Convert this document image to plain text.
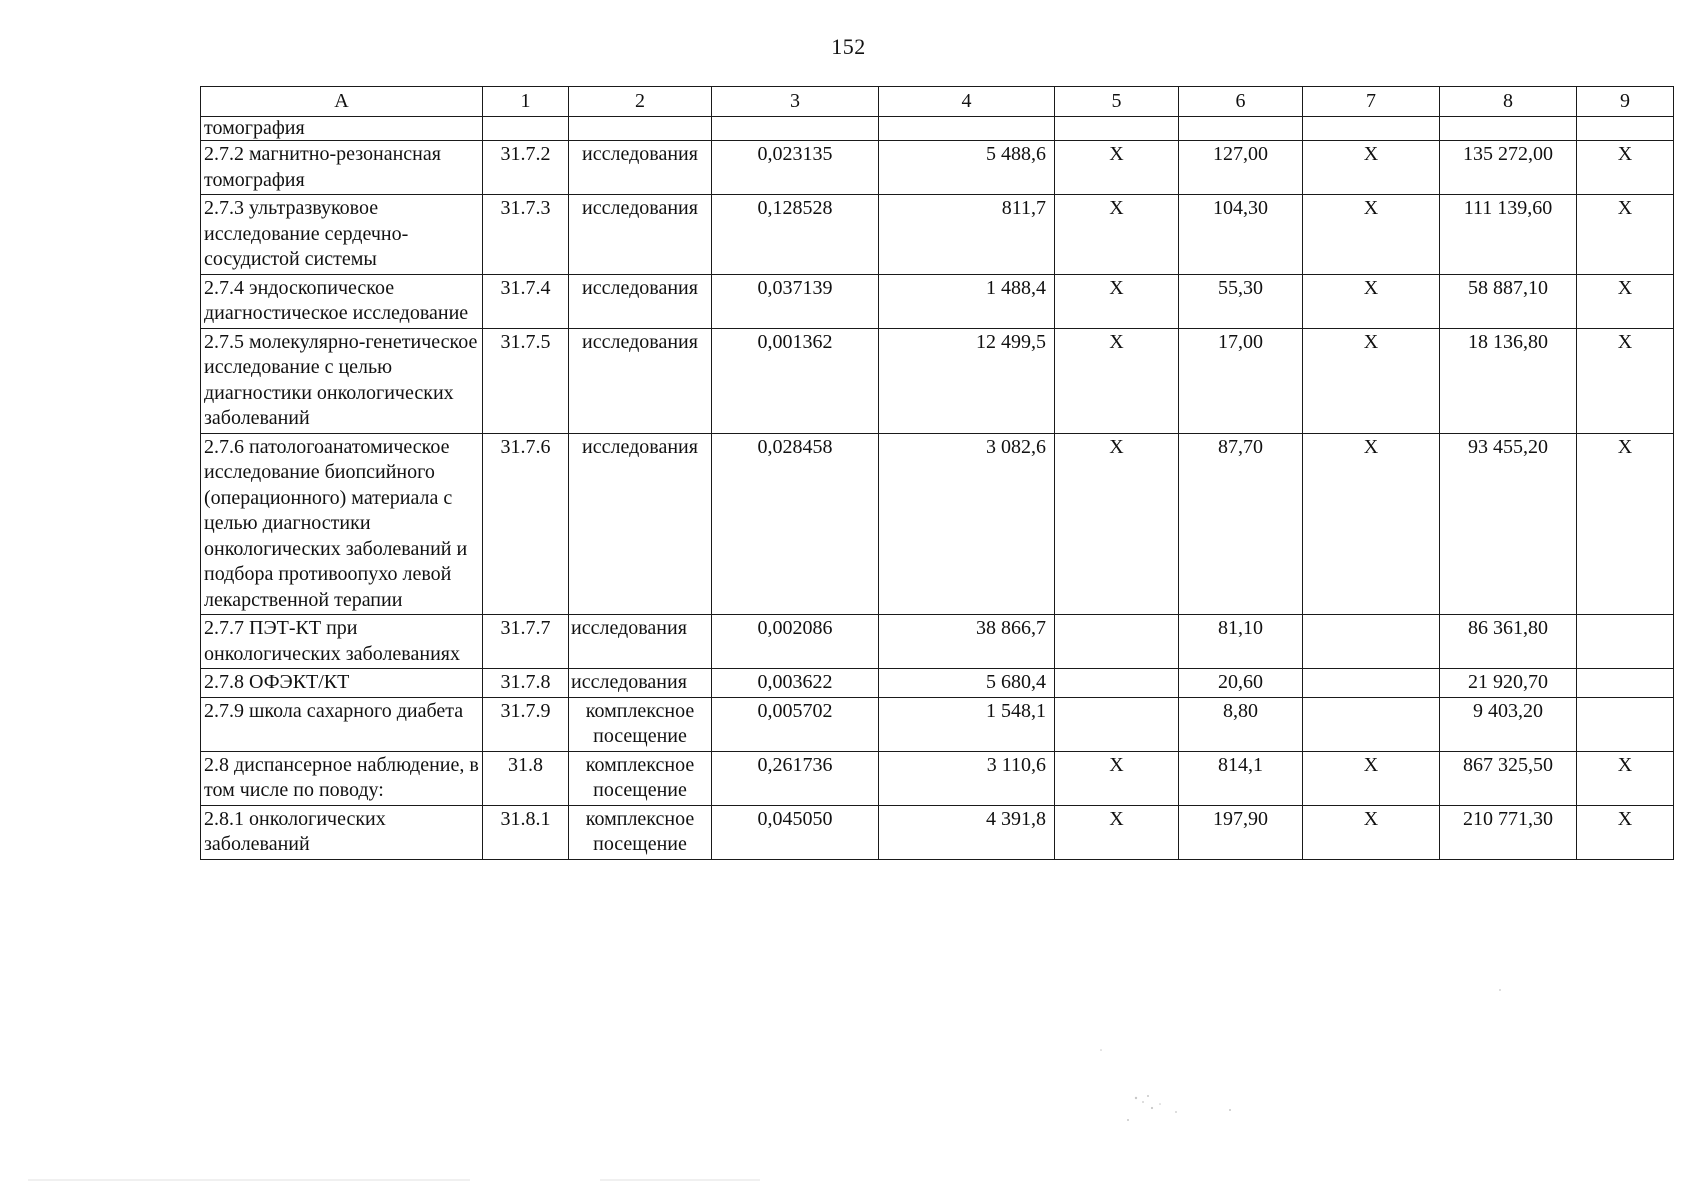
152
А	1	2	3	4	5	6	7	8	9
томография									
2.7.2 магнитно-резонансная томография	31.7.2	исследования	0,023135	5 488,6	Х	127,00	Х	135 272,00	Х
2.7.3 ультразвуковое исследование сердечно-сосудистой системы	31.7.3	исследования	0,128528	811,7	Х	104,30	Х	111 139,60	Х
2.7.4 эндоскопическое диагностическое исследование	31.7.4	исследования	0,037139	1 488,4	Х	55,30	Х	58 887,10	Х
2.7.5 молекулярно-генетическое исследование с целью диагностики онкологических заболеваний	31.7.5	исследования	0,001362	12 499,5	Х	17,00	Х	18 136,80	Х
2.7.6 патологоанатомическое исследование биопсийного (операционного) материала с целью диагностики онкологических заболеваний и подбора противоопухо левой лекарственной терапии	31.7.6	исследования	0,028458	3 082,6	Х	87,70	Х	93 455,20	Х
2.7.7 ПЭТ-КТ при онкологических заболеваниях	31.7.7	исследования	0,002086	38 866,7		81,10		86 361,80	
2.7.8 ОФЭКТ/КТ	31.7.8	исследования	0,003622	5 680,4		20,60		21 920,70	
2.7.9 школа сахарного диабета	31.7.9	комплексное посещение	0,005702	1 548,1		8,80		9 403,20	
2.8 диспансерное наблюдение, в том числе по поводу:	31.8	комплексное посещение	0,261736	3 110,6	Х	814,1	Х	867 325,50	Х
2.8.1 онкологических заболеваний	31.8.1	комплексное посещение	0,045050	4 391,8	Х	197,90	Х	210 771,30	Х
